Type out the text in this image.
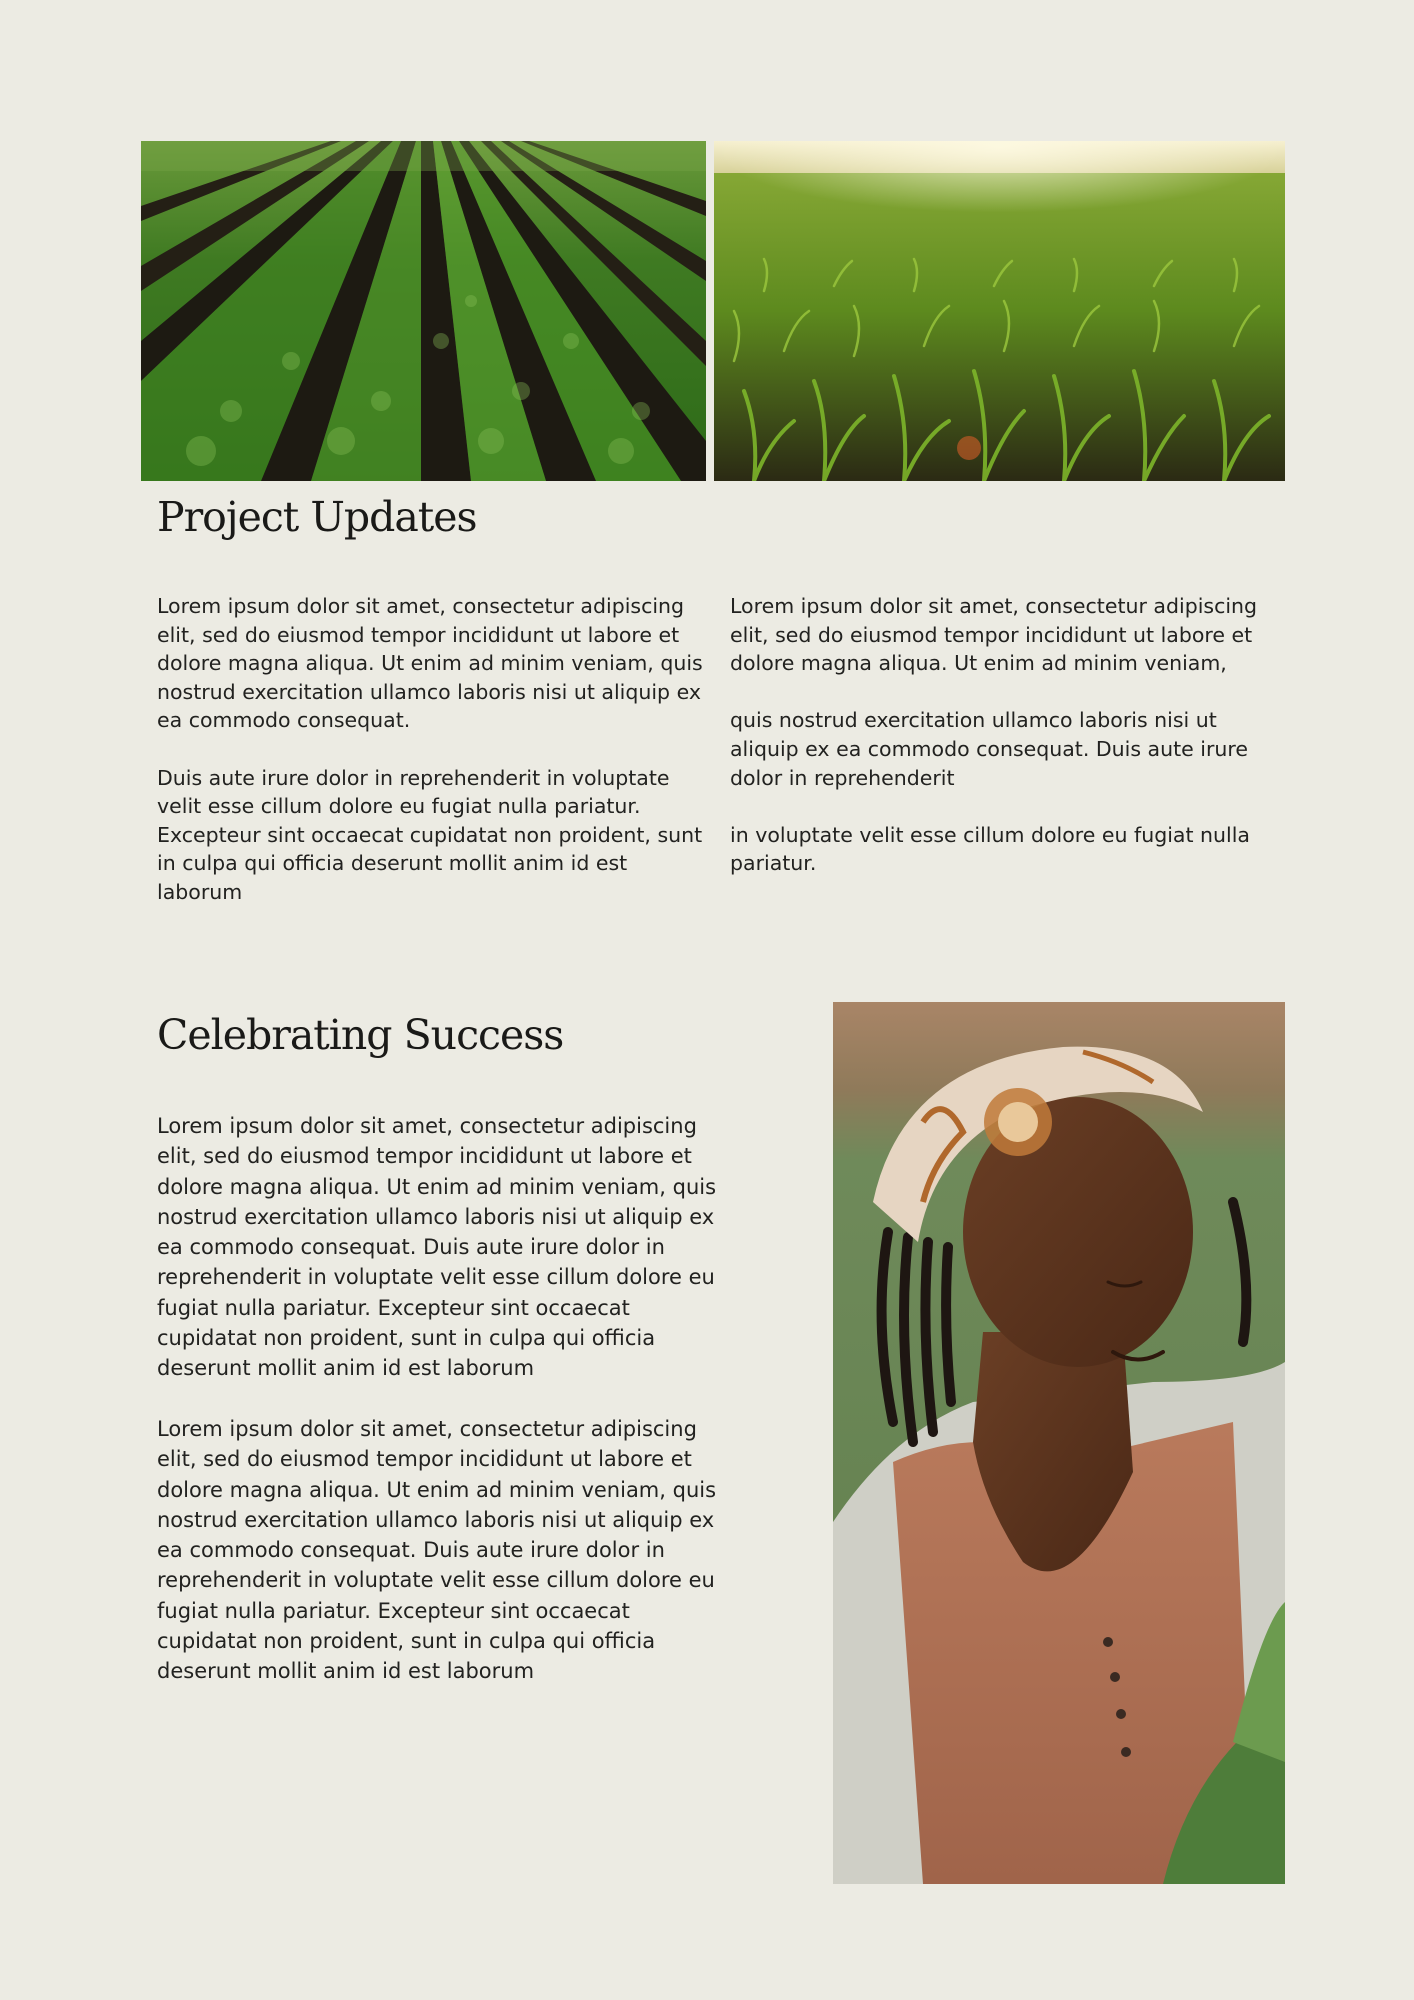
Project Updates

Lorem ipsum dolor sit amet, consectetur adipiscing elit, sed do eiusmod tempor incididunt ut labore et dolore magna aliqua. Ut enim ad minim veniam, quis nostrud exercitation ullamco laboris nisi ut aliquip ex ea commodo consequat.

Duis aute irure dolor in reprehenderit in voluptate velit esse cillum dolore eu fugiat nulla pariatur. Excepteur sint occaecat cupidatat non proident, sunt in culpa qui officia deserunt mollit anim id est laborum

Lorem ipsum dolor sit amet, consectetur adipiscing elit, sed do eiusmod tempor incididunt ut labore et dolore magna aliqua. Ut enim ad minim veniam,

quis nostrud exercitation ullamco laboris nisi ut aliquip ex ea commodo consequat. Duis aute irure dolor in reprehenderit

in voluptate velit esse cillum dolore eu fugiat nulla pariatur.

Celebrating Success

Lorem ipsum dolor sit amet, consectetur adipiscing elit, sed do eiusmod tempor incididunt ut labore et dolore magna aliqua. Ut enim ad minim veniam, quis nostrud exercitation ullamco laboris nisi ut aliquip ex ea commodo consequat. Duis aute irure dolor in reprehenderit in voluptate velit esse cillum dolore eu fugiat nulla pariatur. Excepteur sint occaecat cupidatat non proident, sunt in culpa qui officia deserunt mollit anim id est laborum

Lorem ipsum dolor sit amet, consectetur adipiscing elit, sed do eiusmod tempor incididunt ut labore et dolore magna aliqua. Ut enim ad minim veniam, quis nostrud exercitation ullamco laboris nisi ut aliquip ex ea commodo consequat. Duis aute irure dolor in reprehenderit in voluptate velit esse cillum dolore eu fugiat nulla pariatur. Excepteur sint occaecat cupidatat non proident, sunt in culpa qui officia deserunt mollit anim id est laborum
